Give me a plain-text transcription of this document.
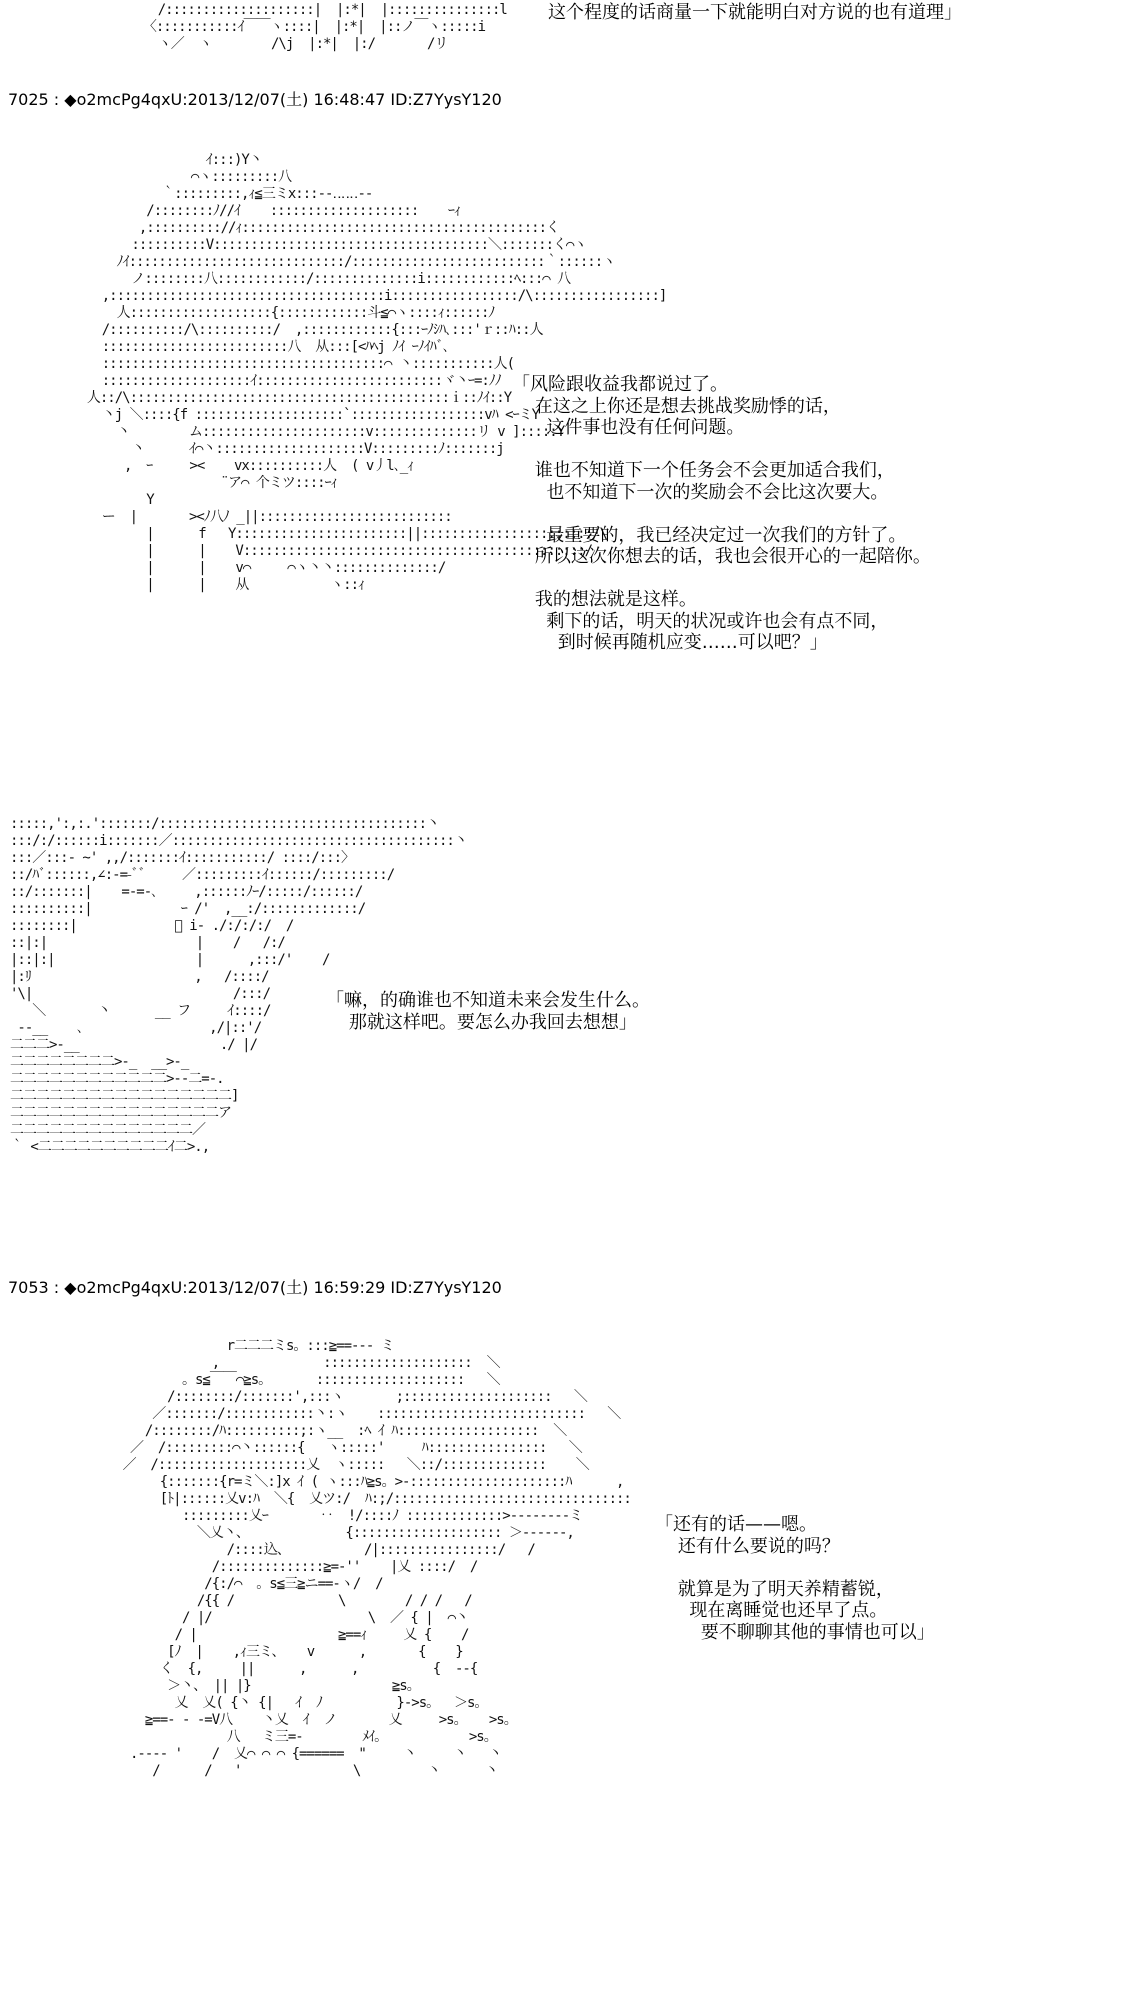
/::::::::::::::::::::|  |:*|  |:::::::::::::::l
〈:::::::::::ｲ￣￣ヽ::::|  |:*|  |::ノ￣ヽ:::::i
ヽ／  ヽ        /\j  |:*|  |:/       /リ
这个程度的话商量一下就能明白对方说的也有道理」
7025 : ◆o2mcPg4qxU:2013/12/07(土) 16:48:47 ID:Z7YysY120
ｲ:::)Y丶
⌒ヽ:::::::::八
｀:::::::::,ｨ≦三ミx:::‐-‥‥‥‐-
/::::::::ﾉ//ｲ    ::::::::::::::::::::    ｰｨ
,:::::::::://ｨ:::::::::::::::::::::::::::::::::::::::::く
::::::::::V:::::::::::::::::::::::::::::::::::::＼:::::::く⌒ヽ
ﾉｲ:::::::::::::::::::::::::::::/::::::::::::::::::::::::::｀::::::ヽ
ノ::::::::八::::::::::::/::::::::::::::i::::::::::::ﾍ:::⌒ 八
,:::::::::::::::::::::::::::::::::::::i:::::::::::::::::/\:::::::::::::::::]
人:::::::::::::::::::{::::::::::::斗≦⌒ヽ::::ｨ::::::ﾉ
/::::::::::/\::::::::::/  ,::::::::::::{:::ｰﾉｼﾊ､:::'ｒ::ﾊ::人
:::::::::::::::::::::::::八  从:::[<ﾊﾍj ﾉｲ ｰﾉｲﾊﾞ､
::::::::::::::::::::::::::::::::::::::⌒ 丶:::::::::::人(
::::::::::::::::::::ｲ:::::::::::::::::::::::::ヾ丶ｰ=:ﾉﾉ
人::/\:::::::::::::::::::::::::::::::::::::::::::ｉ::ﾉｲ::Y
丶j ＼::::{f ::::::::::::::::::::`::::::::::::::::::vﾊ <ｰミY
丶        ム::::::::::::::::::::::v::::::::::::::リ v ]:::::Y
丶      ｲ⌒丶::::::::::::::::::::V:::::::::ﾉ:::::::j
,  ｰ     ><    vx::::::::::人  ( v丿l､_ｨ
¨ア⌒ 个ミツ::::ｰｨ
Y
ー  |       ><ﾉ八ﾉ _||::::::::::::::::::::::::::
|      f   Y:::::::::::::::::::::::||:::::::::::::::::::::::/\
|      |    V::::::::::::::::::::::::::::::::::::::::::::::/
|      |    v⌒     ⌒ヽ丶丶::::::::::::::/
|      |    从           ヽ::ｨ
「风险跟收益我都说过了。
在这之上你还是想去挑战奖励悸的话，
这件事也没有任何问题。

谁也不知道下一个任务会不会更加适合我们，
也不知道下一次的奖励会不会比这次要大。

最重要的，我已经决定过一次我们的方针了。
所以这次你想去的话，我也会很开心的一起陪你。

我的想法就是这样。
剩下的话，明天的状况或许也会有点不同，
到时候再随机应变……可以吧？」
:::::,':,:.':::::::/::::::::::::::::::::::::::::::::::::丶
:::/:/::::::i:::::::／::::::::::::::::::::::::::::::::::::::丶
:::／:::‐ ~' ,,/:::::::ｲ:::::::::::/ ::::/:::〉
::/ﾊﾞ::::::,∠:‐=-ﾞﾞ     ／:::::::::ｲ::::::/:::::::::/
::/:::::::|    =-=-､     ,::::::ﾉｰ/:::::/::::::/
::::::::::|            ｰ /'  ,__:/:::::::::::::/
::::::::|             ﾞ i‐ ./:/:/:/  /
::|:|                    |    /   /:/
|::|:|                   |      ,:::/'    /
|:ﾘ                      ,   /::::/
'\|                           /:::/
＼       丶      __ フ     ｲ::::/
‐‐__    ､                 ,/|::'/
二二二>‐__                   ./ |/
二二二二二二二二>‐_  __>-_
二二二二二二二二二二二二>‐‐二=‐.
二二二二二二二二二二二二二二二二二]
二二二二二二二二二二二二二二二二ア
二二二二二二二二二二二二二二／
｀ <二二二二二二二二二二ｲ二>.,
「嘛，的确谁也不知道未来会发生什么。
那就这样吧。要怎么办我回去想想」
7053 : ◆o2mcPg4qxU:2013/12/07(土) 16:59:29 ID:Z7YysY120
r二二二ミs。:::≧==‐‐‐ ミ
,              ::::::::::::::::::::  ＼
。s≦￣￣⌒≧s。      ::::::::::::::::::::   ＼
/::::::::/:::::::',:::ヽ       ;::::::::::::::::::::   ＼
／:::::::/::::::::::::丶:ヽ    ::::::::::::::::::::::::::::   ＼
/::::::::/ﾊ::::::::::;:ヽ__  :ﾍ ｲ ﾊ:::::::::::::::::::  ＼
／  /:::::::::⌒丶::::::{   ヽ:::::'     ﾊ::::::::::::::::   ＼
／  /::::::::::::::::::::乂  ヽ:::::   ＼::/::::::::::::::    ＼
{:::::::{r=ミ＼:]x ｲ ( ヽ:::ﾊ≧s。>‐:::::::::::::::::::::ﾊ      ,
[ﾄ|::::::乂v:ﾊ  ＼{  乂ツ:/  ﾊ:;/::::::::::::::::::::::::::::::::
:::::::::乂ｰ       ‥  !/::::ﾉ :::::::::::::>‐‐‐‐‐‐‐‐ミ
＼乂丶、             {:::::::::::::::::::: ＞‐‐‐‐‐‐,
/::::込、          /|::::::::::::::::/   /
/::::::::::::::≧=‐''    |乂 ::::/  /
/{:/⌒  。s≦三≧ニ==‐ヽ/  /
/{{ /              \        / / /   /
/ |/                     \  ／ { |  ⌒丶
/ |                   ≧==ｨ     乂 {    /
[ﾉ  |    ,ｨ三ミ、   v      ,       {    }
く  {,     ||      ,      ,          {  ‐‐{
＞丶、 || |}                   ≧s。
乂  乂( {丶 {|   ｲ  ﾉ          }‐>s。  ＞s。
≧==‐ ‐ ‐=V八    丶乂  ｲ  ノ       乂     >s。   >s。
八   ミ三=‐        ﾒｲ。           >s。
.‐‐‐‐ '    /  乂⌒ ⌒ ⌒ {======  "     丶     丶   丶
/      /   '               \         丶      丶
「还有的话——嗯。
还有什么要说的吗？

就算是为了明天养精蓄锐，
现在离睡觉也还早了点。
要不聊聊其他的事情也可以」
